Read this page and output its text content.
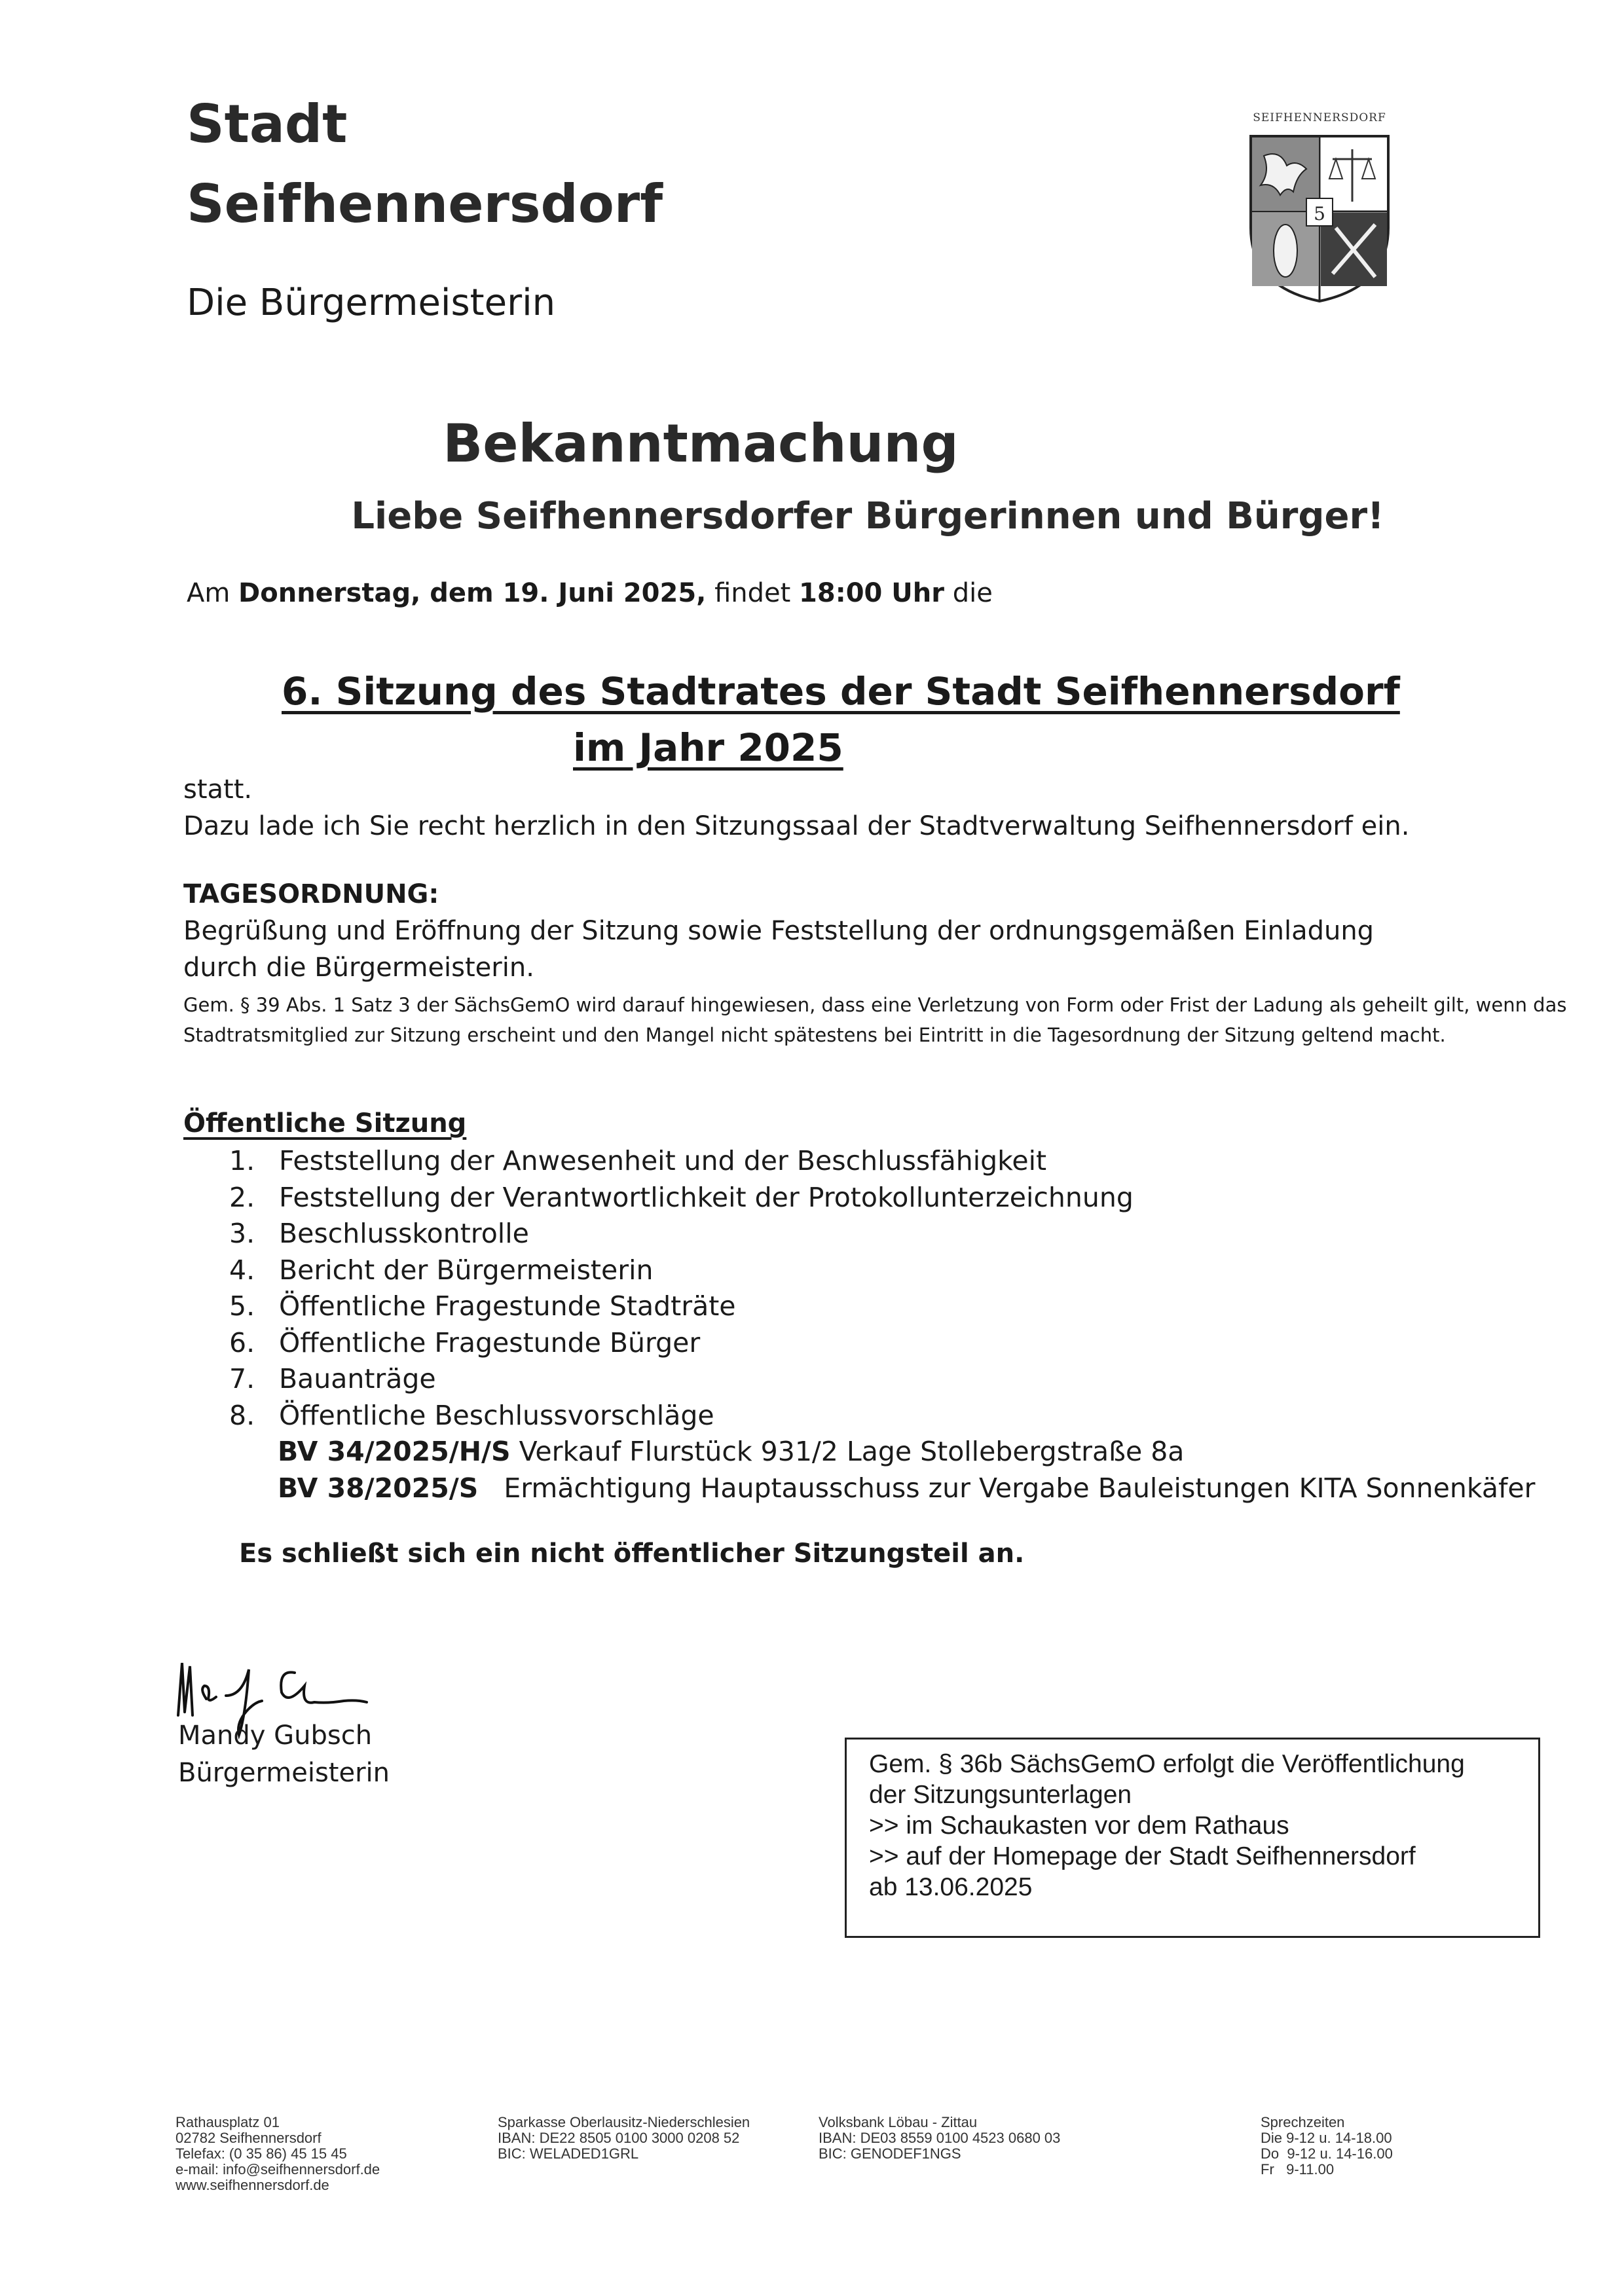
Stadt
Seifhennersdorf
Die Bürgermeisterin
SEIFHENNERSDORF
5
Bekanntmachung
Liebe Seifhennersdorfer Bürgerinnen und Bürger!
Am Donnerstag, dem 19. Juni 2025, findet 18:00 Uhr die
6. Sitzung des Stadtrates der Stadt Seifhennersdorf
im Jahr 2025
statt.
Dazu lade ich Sie recht herzlich in den Sitzungssaal der Stadtverwaltung Seifhennersdorf ein.
TAGESORDNUNG:
Begrüßung und Eröffnung der Sitzung sowie Feststellung der ordnungsgemäßen Einladung
durch die Bürgermeisterin.
Gem. § 39 Abs. 1 Satz 3 der SächsGemO wird darauf hingewiesen, dass eine Verletzung von Form oder Frist der Ladung als geheilt gilt, wenn das Stadtratsmitglied zur Sitzung erscheint und den Mangel nicht spätestens bei Eintritt in die Tagesordnung der Sitzung geltend macht.
Öffentliche Sitzung
1. Feststellung der Anwesenheit und der Beschlussfähigkeit
2. Feststellung der Verantwortlichkeit der Protokollunterzeichnung
3. Beschlusskontrolle
4. Bericht der Bürgermeisterin
5. Öffentliche Fragestunde Stadträte
6. Öffentliche Fragestunde Bürger
7. Bauanträge
8. Öffentliche Beschlussvorschläge
BV 34/2025/H/S Verkauf Flurstück 931/2 Lage Stollebergstraße 8a
BV 38/2025/S   Ermächtigung Hauptausschuss zur Vergabe Bauleistungen KITA Sonnenkäfer
Es schließt sich ein nicht öffentlicher Sitzungsteil an.
Mandy Gubsch
Bürgermeisterin	Gem. § 36b SächsGemO erfolgt die Veröffentlichung
der Sitzungsunterlagen
>> im Schaukasten vor dem Rathaus
>> auf der Homepage der Stadt Seifhennersdorf
ab 13.06.2025
Rathausplatz 01
02782 Seifhennersdorf
Telefax: (0 35 86) 45 15 45
e-mail: info@seifhennersdorf.de
www.seifhennersdorf.de
Sparkasse Oberlausitz-Niederschlesien
IBAN: DE22 8505 0100 3000 0208 52
BIC: WELADED1GRL
Volksbank Löbau - Zittau
IBAN: DE03 8559 0100 4523 0680 03
BIC: GENODEF1NGS
Sprechzeiten
Die 9-12 u. 14-18.00
Do  9-12 u. 14-16.00
Fr   9-11.00
